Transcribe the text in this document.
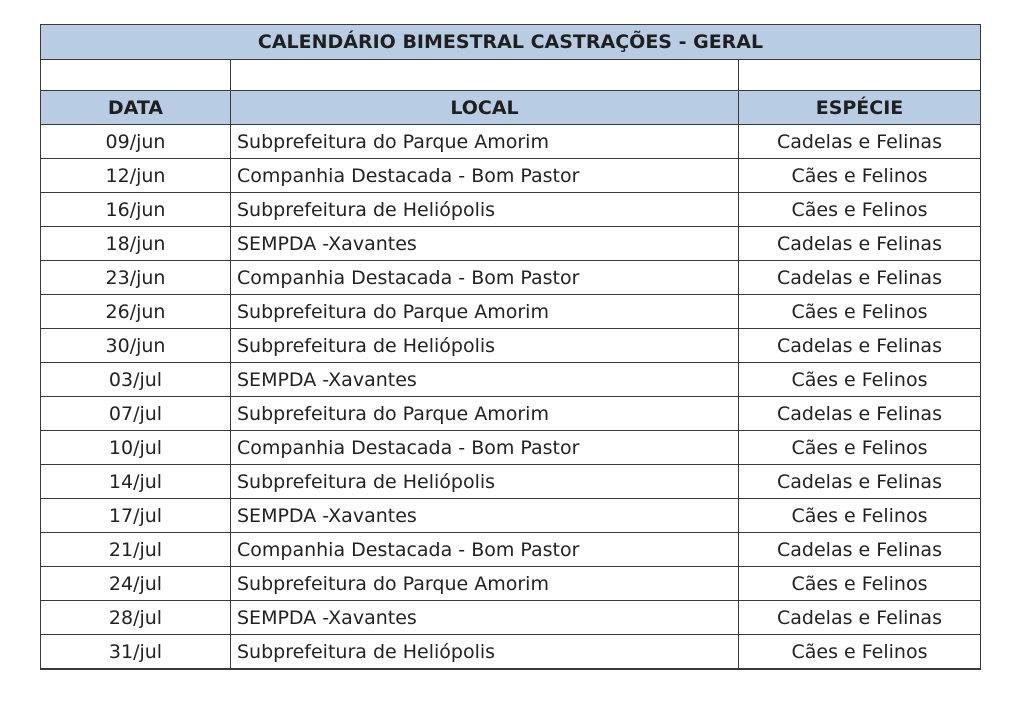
CALENDÁRIO BIMESTRAL CASTRAÇÕES - GERAL		

DATA	LOCAL	ESPÉCIE
09/jun	Subprefeitura do Parque Amorim	Cadelas e Felinas
12/jun	Companhia Destacada - Bom Pastor	Cães e Felinos
16/jun	Subprefeitura de Heliópolis	Cães e Felinos
18/jun	SEMPDA -Xavantes	Cadelas e Felinas
23/jun	Companhia Destacada - Bom Pastor	Cadelas e Felinas
26/jun	Subprefeitura do Parque Amorim	Cães e Felinos
30/jun	Subprefeitura de Heliópolis	Cadelas e Felinas
03/jul	SEMPDA -Xavantes	Cães e Felinos
07/jul	Subprefeitura do Parque Amorim	Cadelas e Felinas
10/jul	Companhia Destacada - Bom Pastor	Cães e Felinos
14/jul	Subprefeitura de Heliópolis	Cadelas e Felinas
17/jul	SEMPDA -Xavantes	Cães e Felinos
21/jul	Companhia Destacada - Bom Pastor	Cadelas e Felinas
24/jul	Subprefeitura do Parque Amorim	Cães e Felinos
28/jul	SEMPDA -Xavantes	Cadelas e Felinas
31/jul	Subprefeitura de Heliópolis	Cães e Felinos
